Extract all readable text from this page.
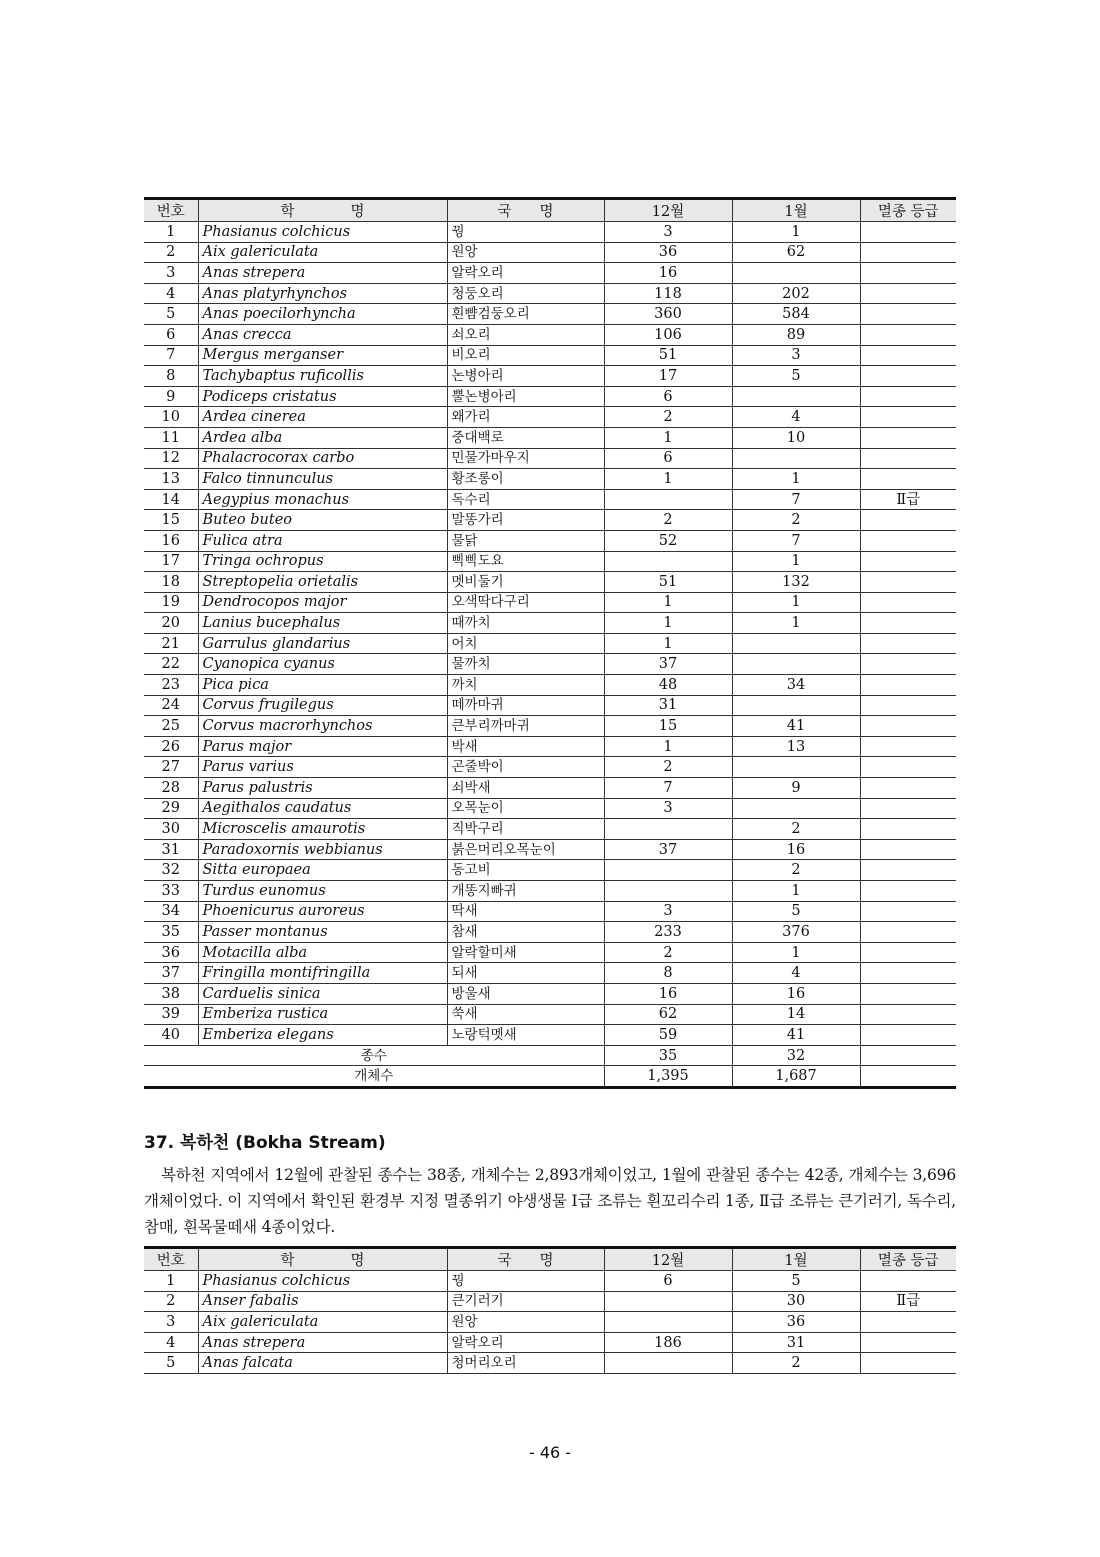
번호	학 명	국 명	12월	1월	멸종 등급
1	Phasianus colchicus	꿩	3	1	
2	Aix galericulata	원앙	36	62	
3	Anas strepera	알락오리	16		
4	Anas platyrhynchos	청둥오리	118	202	
5	Anas poecilorhyncha	흰뺨검둥오리	360	584	
6	Anas crecca	쇠오리	106	89	
7	Mergus merganser	비오리	51	3	
8	Tachybaptus ruficollis	논병아리	17	5	
9	Podiceps cristatus	뿔논병아리	6		
10	Ardea cinerea	왜가리	2	4	
11	Ardea alba	중대백로	1	10	
12	Phalacrocorax carbo	민물가마우지	6		
13	Falco tinnunculus	황조롱이	1	1	
14	Aegypius monachus	독수리		7	Ⅱ급
15	Buteo buteo	말똥가리	2	2	
16	Fulica atra	물닭	52	7	
17	Tringa ochropus	삑삑도요		1	
18	Streptopelia orietalis	멧비둘기	51	132	
19	Dendrocopos major	오색딱다구리	1	1	
20	Lanius bucephalus	때까치	1	1	
21	Garrulus glandarius	어치	1		
22	Cyanopica cyanus	물까치	37		
23	Pica pica	까치	48	34	
24	Corvus frugilegus	떼까마귀	31		
25	Corvus macrorhynchos	큰부리까마귀	15	41	
26	Parus major	박새	1	13	
27	Parus varius	곤줄박이	2		
28	Parus palustris	쇠박새	7	9	
29	Aegithalos caudatus	오목눈이	3		
30	Microscelis amaurotis	직박구리		2	
31	Paradoxornis webbianus	붉은머리오목눈이	37	16	
32	Sitta europaea	동고비		2	
33	Turdus eunomus	개똥지빠귀		1	
34	Phoenicurus auroreus	딱새	3	5	
35	Passer montanus	참새	233	376	
36	Motacilla alba	알락할미새	2	1	
37	Fringilla montifringilla	되새	8	4	
38	Carduelis sinica	방울새	16	16	
39	Emberiza rustica	쑥새	62	14	
40	Emberiza elegans	노랑턱멧새	59	41	
종수			35	32	
개체수			1,395	1,687	
37. 복하천 (Bokha Stream)

복하천 지역에서 12월에 관찰된 종수는 38종, 개체수는 2,893개체이었고, 1월에 관찰된 종수는 42종, 개체수는 3,696개체이었다. 이 지역에서 확인된 환경부 지정 멸종위기 야생생물 Ⅰ급 조류는 흰꼬리수리 1종, Ⅱ급 조류는 큰기러기, 독수리, 참매, 흰목물떼새 4종이었다.

번호	학 명	국 명	12월	1월	멸종 등급
1	Phasianus colchicus	꿩	6	5	
2	Anser fabalis	큰기러기		30	Ⅱ급
3	Aix galericulata	원앙		36	
4	Anas strepera	알락오리	186	31	
5	Anas falcata	청머리오리		2	
- 46 -
